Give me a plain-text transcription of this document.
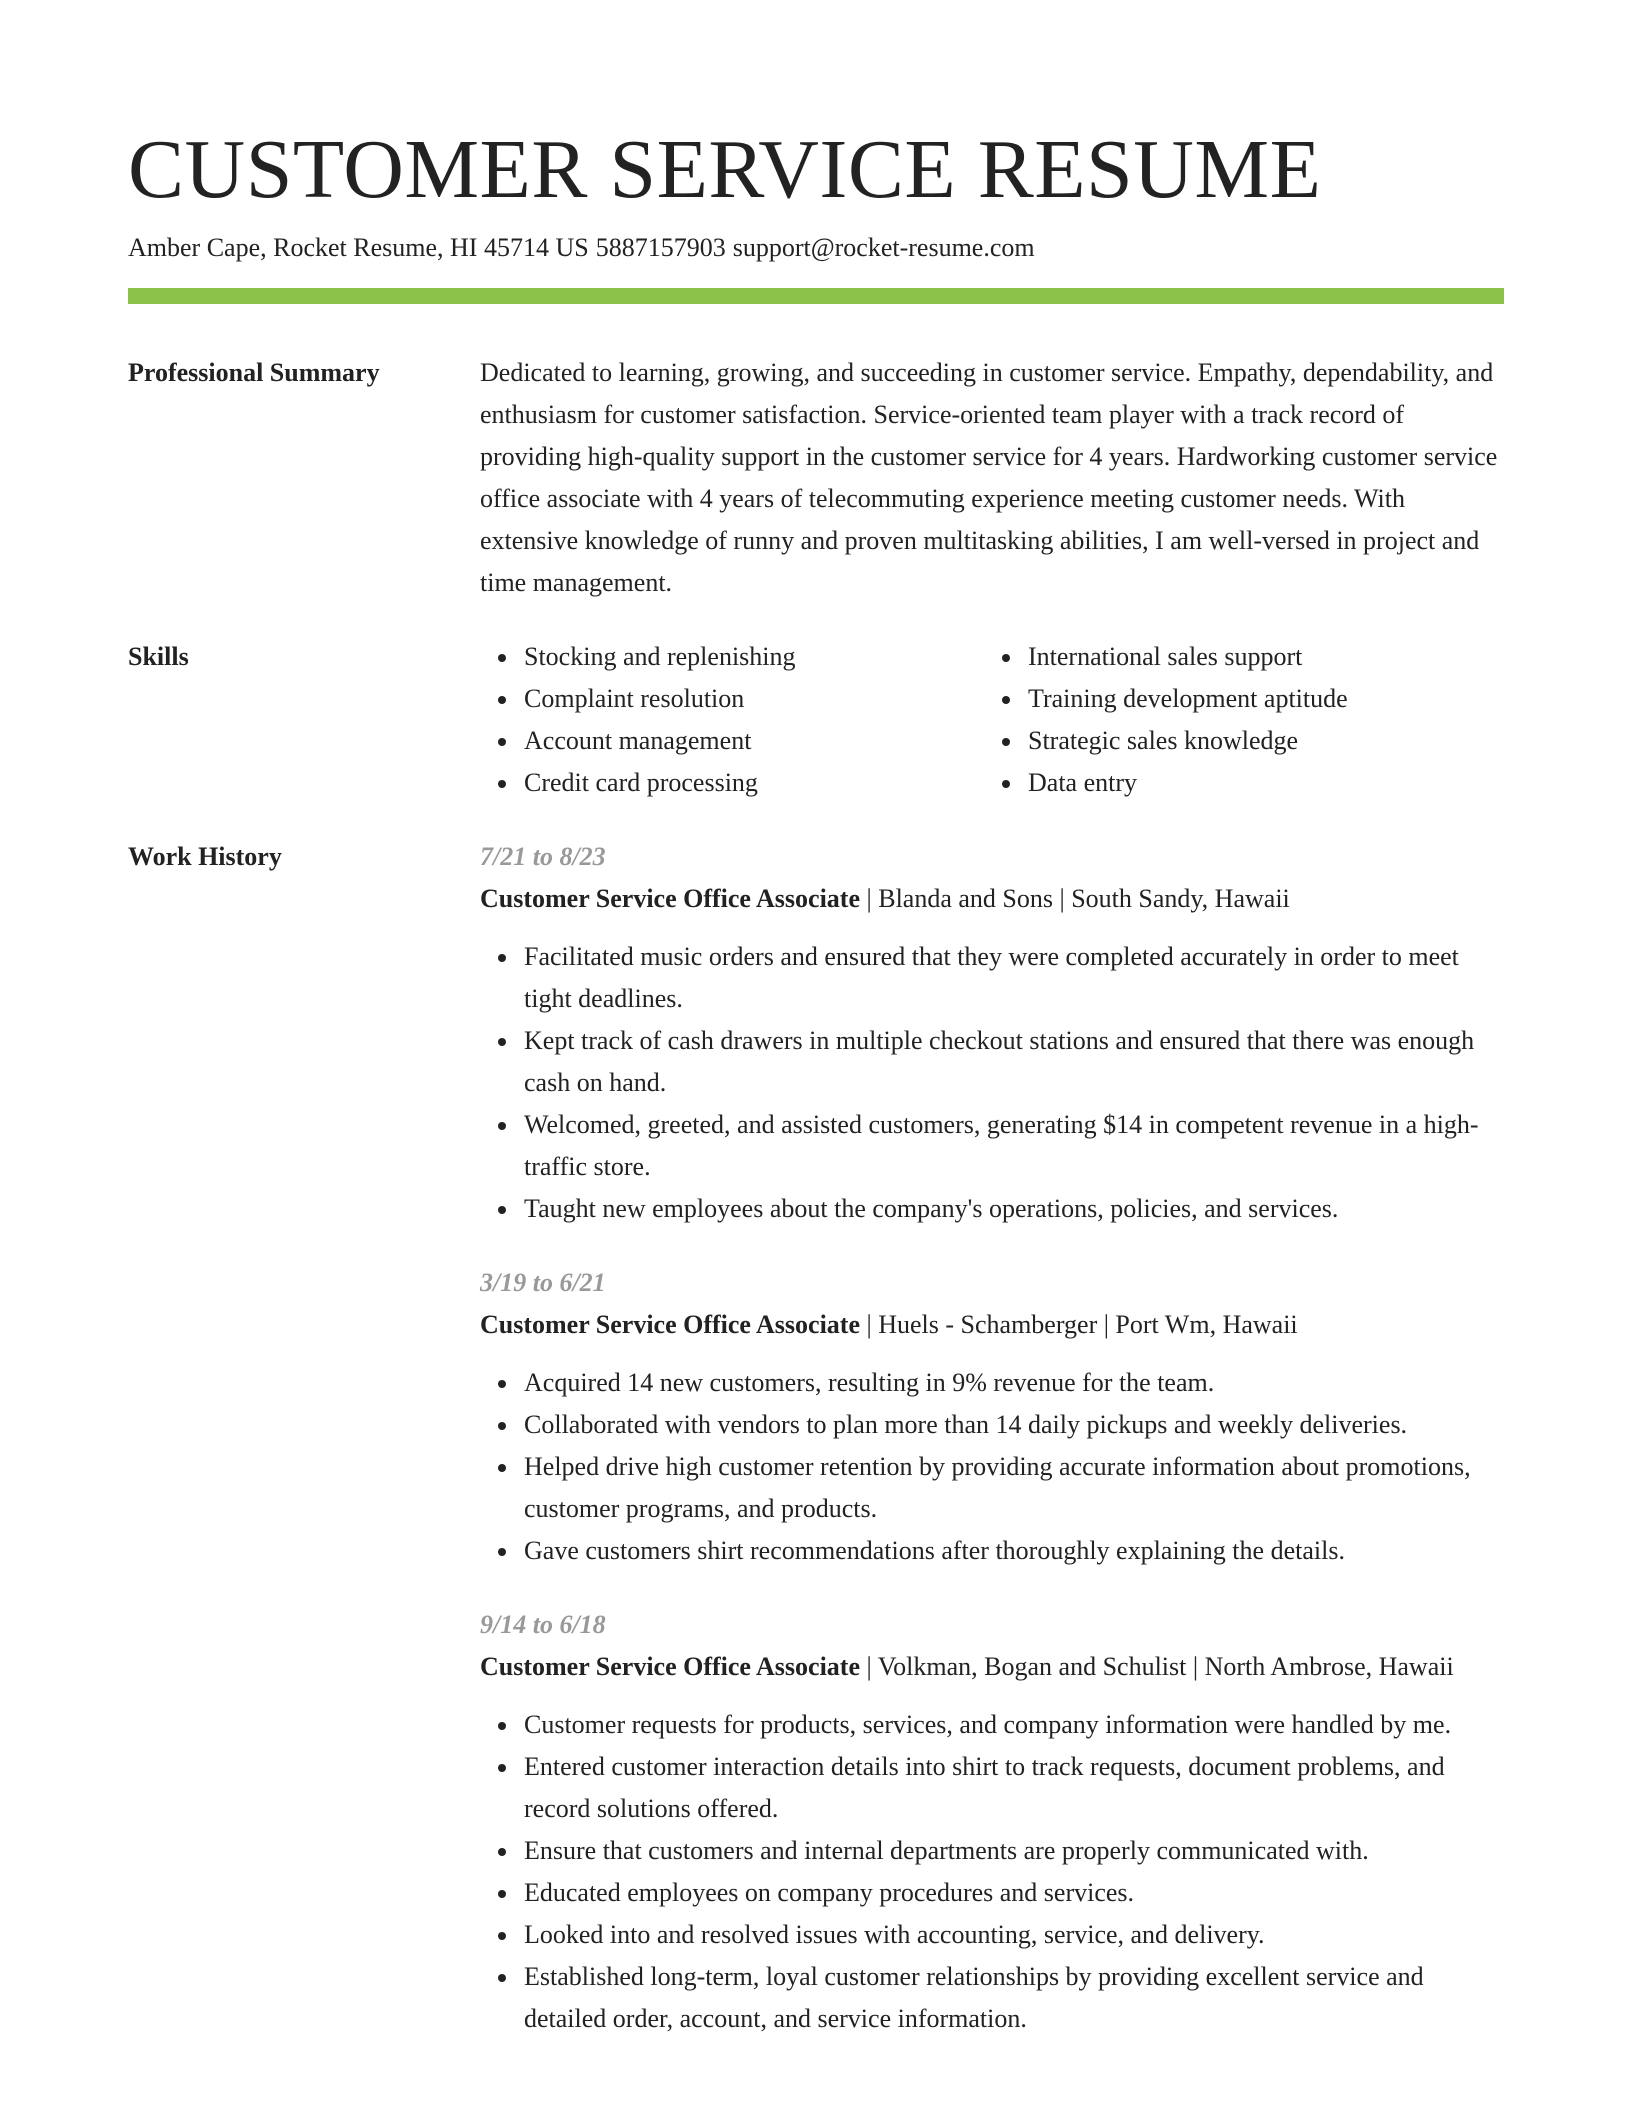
CUSTOMER SERVICE RESUME
Amber Cape, Rocket Resume, HI 45714 US 5887157903 support@rocket-resume.com
Professional Summary	Dedicated to learning, growing, and succeeding in customer service. Empathy, dependability, and enthusiasm for customer satisfaction. Service-oriented team player with a track record of providing high-quality support in the customer service for 4 years. Hardworking customer service office associate with 4 years of telecommuting experience meeting customer needs. With extensive knowledge of runny and proven multitasking abilities, I am well-versed in project and time management.

Skills	Stocking and replenishing
Complaint resolution
Account management
Credit card processing
International sales support
Training development aptitude
Strategic sales knowledge
Data entry
Work History	7/21 to 8/23
Customer Service Office Associate | Blanda and Sons | South Sandy, Hawaii
Facilitated music orders and ensured that they were completed accurately in order to meet tight deadlines.
Kept track of cash drawers in multiple checkout stations and ensured that there was enough cash on hand.
Welcomed, greeted, and assisted customers, generating $14 in competent revenue in a high-traffic store.
Taught new employees about the company's operations, policies, and services.
3/19 to 6/21
Customer Service Office Associate | Huels - Schamberger | Port Wm, Hawaii
Acquired 14 new customers, resulting in 9% revenue for the team.
Collaborated with vendors to plan more than 14 daily pickups and weekly deliveries.
Helped drive high customer retention by providing accurate information about promotions, customer programs, and products.
Gave customers shirt recommendations after thoroughly explaining the details.
9/14 to 6/18
Customer Service Office Associate | Volkman, Bogan and Schulist | North Ambrose, Hawaii
Customer requests for products, services, and company information were handled by me.
Entered customer interaction details into shirt to track requests, document problems, and record solutions offered.
Ensure that customers and internal departments are properly communicated with.
Educated employees on company procedures and services.
Looked into and resolved issues with accounting, service, and delivery.
Established long-term, loyal customer relationships by providing excellent service and detailed order, account, and service information.
